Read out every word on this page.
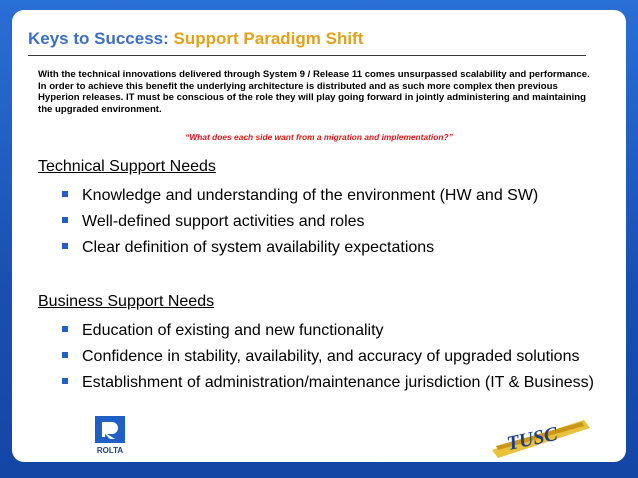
Keys to Success: Support Paradigm Shift
With the technical innovations delivered through System 9 / Release 11 comes unsurpassed scalability and performance. In order to achieve this benefit the underlying architecture is distributed and as such more complex then previous Hyperion releases. IT must be conscious of the role they will play going forward in jointly administering and maintaining the upgraded environment.
“What does each side want from a migration and implementation?”
Technical Support Needs
Knowledge and understanding of the environment (HW and SW)
Well-defined support activities and roles
Clear definition of system availability expectations
Business Support Needs
Education of existing and new functionality
Confidence in stability, availability, and accuracy of upgraded solutions
Establishment of administration/maintenance jurisdiction (IT & Business)
ROLTA	TUSC
